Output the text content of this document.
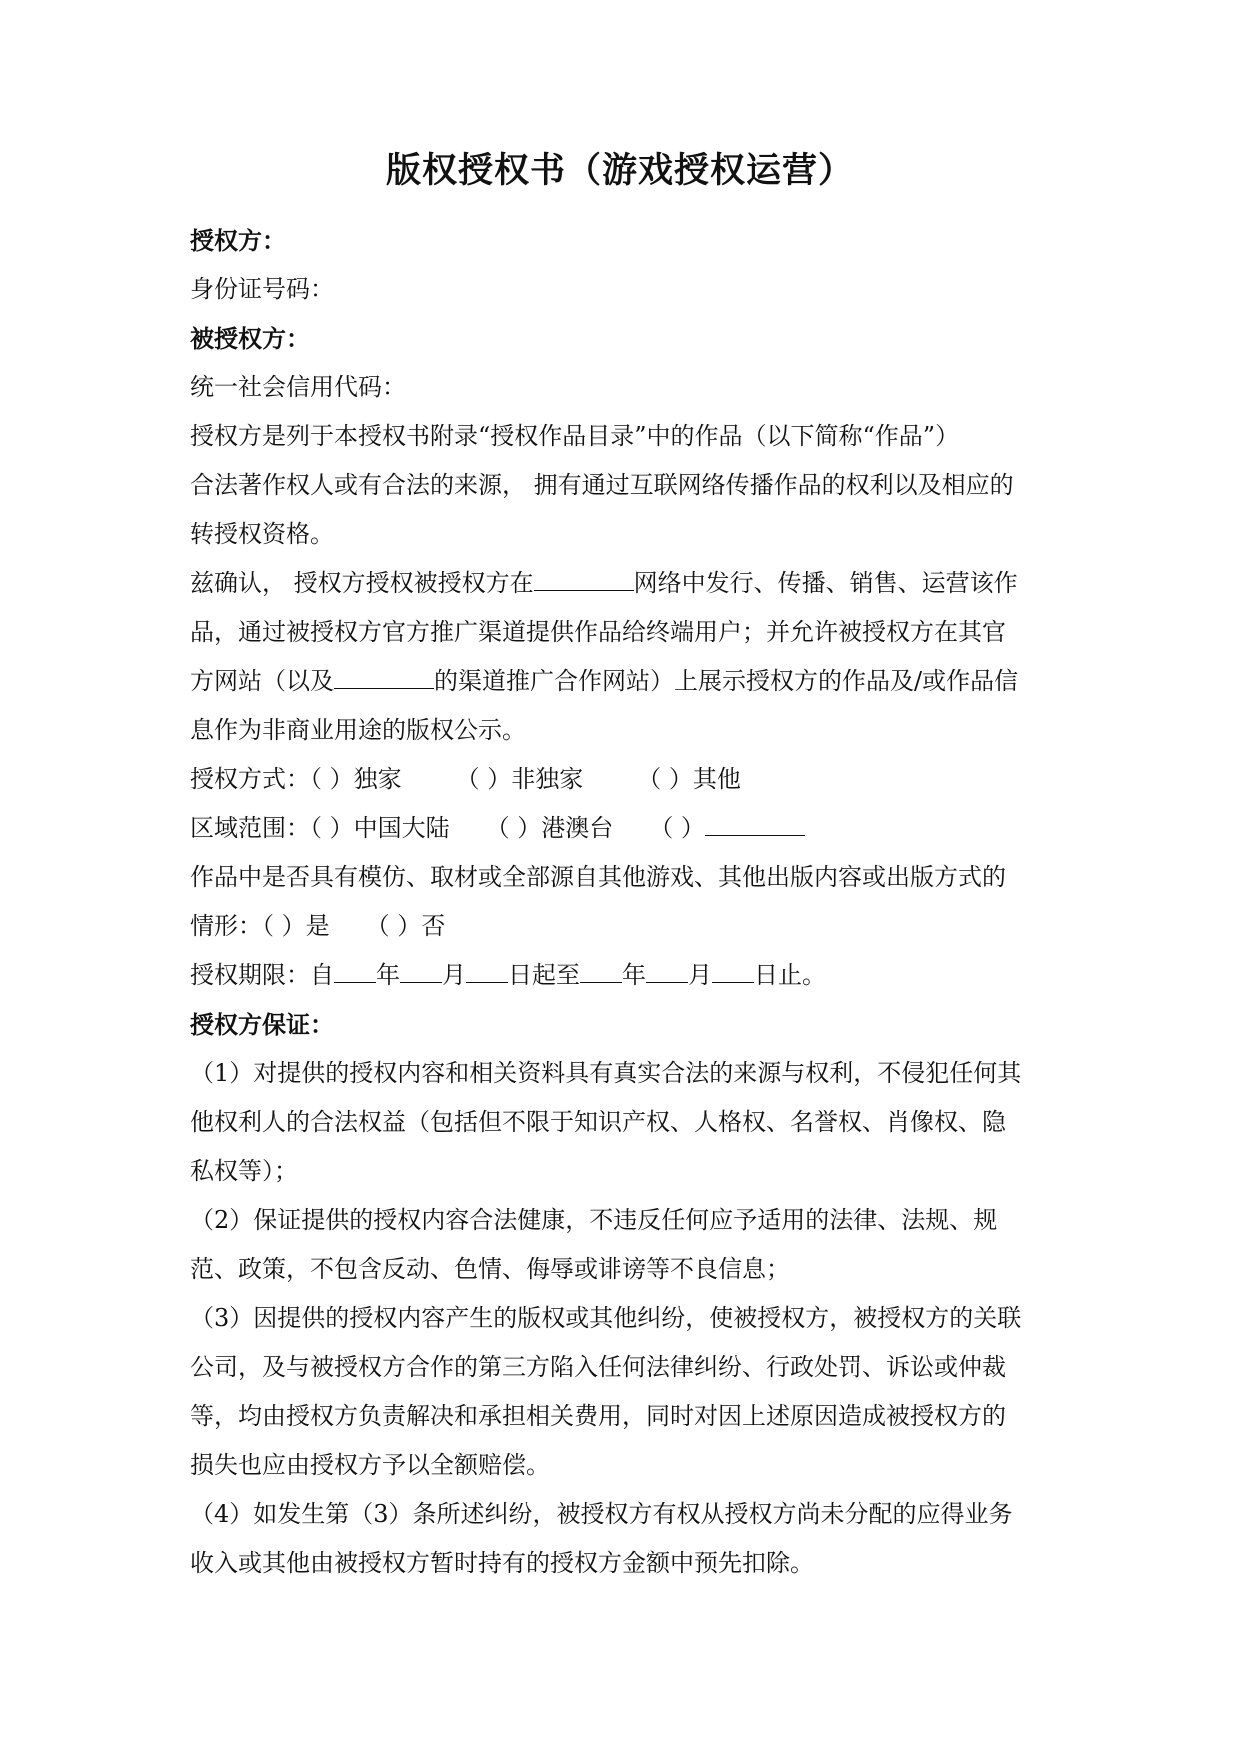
版权授权书（游戏授权运营）
授权方：
身份证号码：
被授权方：
统一社会信用代码：
授权方是列于本授权书附录“授权作品目录”中的作品（以下简称“作品”）
合法著作权人或有合法的来源， 拥有通过互联网络传播作品的权利以及相应的
转授权资格。
兹确认， 授权方授权被授权方在	网络中发行、传播、销售、运营该作
品，通过被授权方官方推广渠道提供作品给终端用户；并允许被授权方在其官
方网站（以及	的渠道推广合作网站）上展示授权方的作品及/或作品信
息作为非商业用途的版权公示。
授权方式：（ ）独家 （ ）非独家 （ ）其他
区域范围：（ ）中国大陆 （ ）港澳台 （ ）
作品中是否具有模仿、取材或全部源自其他游戏、其他出版内容或出版方式的
情形：（ ）是 （ ）否
授权期限：自 年 月 日起至 年 月 日止。
授权方保证：
（1）对提供的授权内容和相关资料具有真实合法的来源与权利，不侵犯任何其
他权利人的合法权益（包括但不限于知识产权、人格权、名誉权、肖像权、隐
私权等）；
（2）保证提供的授权内容合法健康，不违反任何应予适用的法律、法规、规
范、政策，不包含反动、色情、侮辱或诽谤等不良信息；
（3）因提供的授权内容产生的版权或其他纠纷，使被授权方，被授权方的关联
公司，及与被授权方合作的第三方陷入任何法律纠纷、行政处罚、诉讼或仲裁
等，均由授权方负责解决和承担相关费用，同时对因上述原因造成被授权方的
损失也应由授权方予以全额赔偿。
（4）如发生第（3）条所述纠纷，被授权方有权从授权方尚未分配的应得业务
收入或其他由被授权方暂时持有的授权方金额中预先扣除。
